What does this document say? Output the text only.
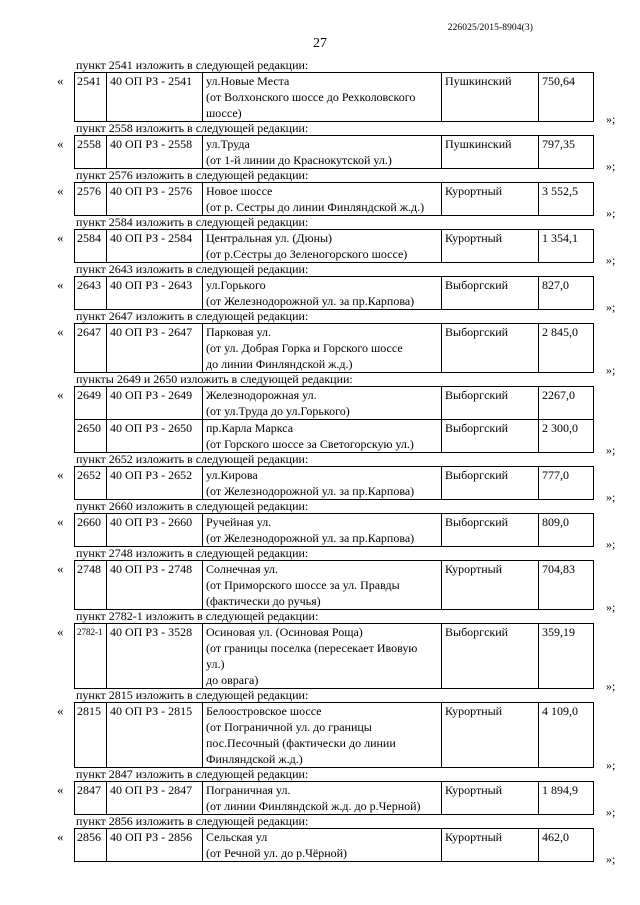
226025/2015-8904(3)
27
пункт 2541 изложить в следующей редакции:
« 2541	40 ОП РЗ - 2541	ул.Новые Места
(от Волхонского шоссе до Рехколовского шоссе)
	Пушкинский	750,64
»;
пункт 2558 изложить в следующей редакции:
« 2558	40 ОП РЗ - 2558	ул.Труда
(от 1-й линии до Краснокутской ул.)
	Пушкинский	797,35
»;
пункт 2576 изложить в следующей редакции:
« 2576	40 ОП РЗ - 2576	Новое шоссе
(от р. Сестры до линии Финляндской ж.д.)
	Курортный	3 552,5
»;
пункт 2584 изложить в следующей редакции:
« 2584	40 ОП РЗ - 2584	Центральная ул. (Дюны)
(от р.Сестры до Зеленогорского шоссе)
	Курортный	1 354,1
»;
пункт 2643 изложить в следующей редакции:
« 2643	40 ОП РЗ - 2643	ул.Горького
(от Железнодорожной ул. за пр.Карпова)
	Выборгский	827,0
»;
пункт 2647 изложить в следующей редакции:
« 2647	40 ОП РЗ - 2647	Парковая ул.
(от ул. Добрая Горка и Горского шоссе
до линии Финляндской ж.д.)
	Выборгский	2 845,0
»;
пункты 2649 и 2650 изложить в следующей редакции:
« 2649	40 ОП РЗ - 2649	Железнодорожная ул.
(от ул.Труда до ул.Горького)	Выборгский	2267,0
2650	40 ОП РЗ - 2650	пр.Карла Маркса
(от Горского шоссе за Светогорскую ул.)	Выборгский	2 300,0
»;
пункт 2652 изложить в следующей редакции:
« 2652	40 ОП РЗ - 2652	ул.Кирова
(от Железнодорожной ул. за пр.Карпова)
	Выборгский	777,0
»;
пункт 2660 изложить в следующей редакции:
« 2660	40 ОП РЗ - 2660	Ручейная ул.
(от Железнодорожной ул. за пр.Карпова)
	Выборгский	809,0
»;
пункт 2748 изложить в следующей редакции:
« 2748	40 ОП РЗ - 2748	Солнечная ул.
(от Приморского шоссе за ул. Правды
(фактически до ручья)
	Курортный	704,83
»;
пункт 2782-1 изложить в следующей редакции:
« 2782-1	40 ОП РЗ - 3528	Осиновая ул. (Осиновая Роща)
(от границы поселка (пересекает Ивовую ул.)
до оврага)
	Выборгский	359,19
»;
пункт 2815 изложить в следующей редакции:
« 2815	40 ОП РЗ - 2815	Белоостровское шоссе
(от Пограничной ул. до границы
пос.Песочный (фактически до линии
Финляндской ж.д.)
	Курортный	4 109,0
»;
пункт 2847 изложить в следующей редакции:
« 2847	40 ОП РЗ - 2847	Пограничная ул.
(от линии Финляндской ж.д. до р.Черной)
	Курортный	1 894,9
»;
пункт 2856 изложить в следующей редакции:
« 2856	40 ОП РЗ - 2856	Сельская ул
(от Речной ул. до р.Чёрной)
	Курортный	462,0
»;
